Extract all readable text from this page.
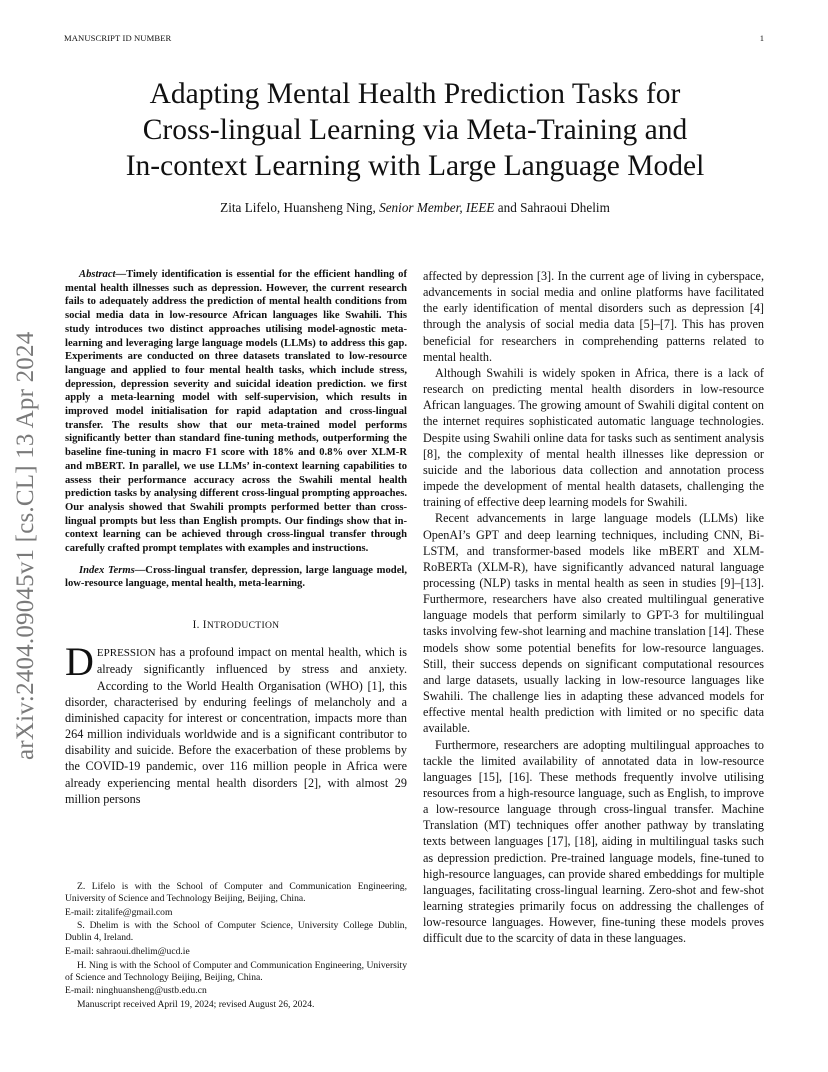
MANUSCRIPT ID NUMBER	1
arXiv:2404.09045v1 [cs.CL] 13 Apr 2024
Adapting Mental Health Prediction Tasks for
Cross-lingual Learning via Meta-Training and
In-context Learning with Large Language Model
Zita Lifelo, Huansheng Ning, Senior Member, IEEE and Sahraoui Dhelim

Abstract—Timely identification is essential for the efficient handling of mental health illnesses such as depression. However, the current research fails to adequately address the prediction of mental health conditions from social media data in low-resource African languages like Swahili. This study introduces two distinct approaches utilising model-agnostic meta-learning and leveraging large language models (LLMs) to address this gap. Experiments are conducted on three datasets translated to low-resource language and applied to four mental health tasks, which include stress, depression, depression severity and suicidal ideation prediction. we first apply a meta-learning model with self-supervision, which results in improved model initialisation for rapid adaptation and cross-lingual transfer. The results show that our meta-trained model performs significantly better than standard fine-tuning methods, outperforming the baseline fine-tuning in macro F1 score with 18% and 0.8% over XLM-R and mBERT. In parallel, we use LLMs’ in-context learning capabilities to assess their performance accuracy across the Swahili mental health prediction tasks by analysing different cross-lingual prompting approaches. Our analysis showed that Swahili prompts performed better than cross-lingual prompts but less than English prompts. Our findings show that in-context learning can be achieved through cross-lingual transfer through carefully crafted prompt templates with examples and instructions.

Index Terms—Cross-lingual transfer, depression, large language model, low-resource language, mental health, meta-learning.

I. INTRODUCTION

DEPRESSION has a profound impact on mental health, which is already significantly influenced by stress and anxiety. According to the World Health Organisation (WHO) [1], this disorder, characterised by enduring feelings of melancholy and a diminished capacity for interest or concentration, impacts more than 264 million individuals worldwide and is a significant contributor to disability and suicide. Before the exacerbation of these problems by the COVID-19 pandemic, over 116 million people in Africa were already experiencing mental health disorders [2], with almost 29 million persons

Z. Lifelo is with the School of Computer and Communication Engineering, University of Science and Technology Beijing, Beijing, China.

E-mail: zitalife@gmail.com

S. Dhelim is with the School of Computer Science, University College Dublin, Dublin 4, Ireland.

E-mail: sahraoui.dhelim@ucd.ie

H. Ning is with the School of Computer and Communication Engineering, University of Science and Technology Beijing, Beijing, China.

E-mail: ninghuansheng@ustb.edu.cn

Manuscript received April 19, 2024; revised August 26, 2024.

affected by depression [3]. In the current age of living in cyberspace, advancements in social media and online platforms have facilitated the early identification of mental disorders such as depression [4] through the analysis of social media data [5]–[7]. This has proven beneficial for researchers in comprehending patterns related to mental health.

Although Swahili is widely spoken in Africa, there is a lack of research on predicting mental health disorders in low-resource African languages. The growing amount of Swahili digital content on the internet requires sophisticated automatic language technologies. Despite using Swahili online data for tasks such as sentiment analysis [8], the complexity of mental health illnesses like depression or suicide and the laborious data collection and annotation process impede the development of mental health datasets, challenging the training of effective deep learning models for Swahili.

Recent advancements in large language models (LLMs) like OpenAI’s GPT and deep learning techniques, including CNN, Bi-LSTM, and transformer-based models like mBERT and XLM-RoBERTa (XLM-R), have significantly advanced natural language processing (NLP) tasks in mental health as seen in studies [9]–[13]. Furthermore, researchers have also created multilingual generative language models that perform similarly to GPT-3 for multilingual tasks involving few-shot learning and machine translation [14]. These models show some potential benefits for low-resource languages. Still, their success depends on significant computational resources and large datasets, usually lacking in low-resource languages like Swahili. The challenge lies in adapting these advanced models for effective mental health prediction with limited or no specific data available.

Furthermore, researchers are adopting multilingual approaches to tackle the limited availability of annotated data in low-resource languages [15], [16]. These methods frequently involve utilising resources from a high-resource language, such as English, to improve a low-resource language through cross-lingual transfer. Machine Translation (MT) techniques offer another pathway by translating texts between languages [17], [18], aiding in multilingual tasks such as depression prediction. Pre-trained language models, fine-tuned to high-resource languages, can provide shared embeddings for multiple languages, facilitating cross-lingual learning. Zero-shot and few-shot learning strategies primarily focus on addressing the challenges of low-resource languages. However, fine-tuning these models proves difficult due to the scarcity of data in these languages.
